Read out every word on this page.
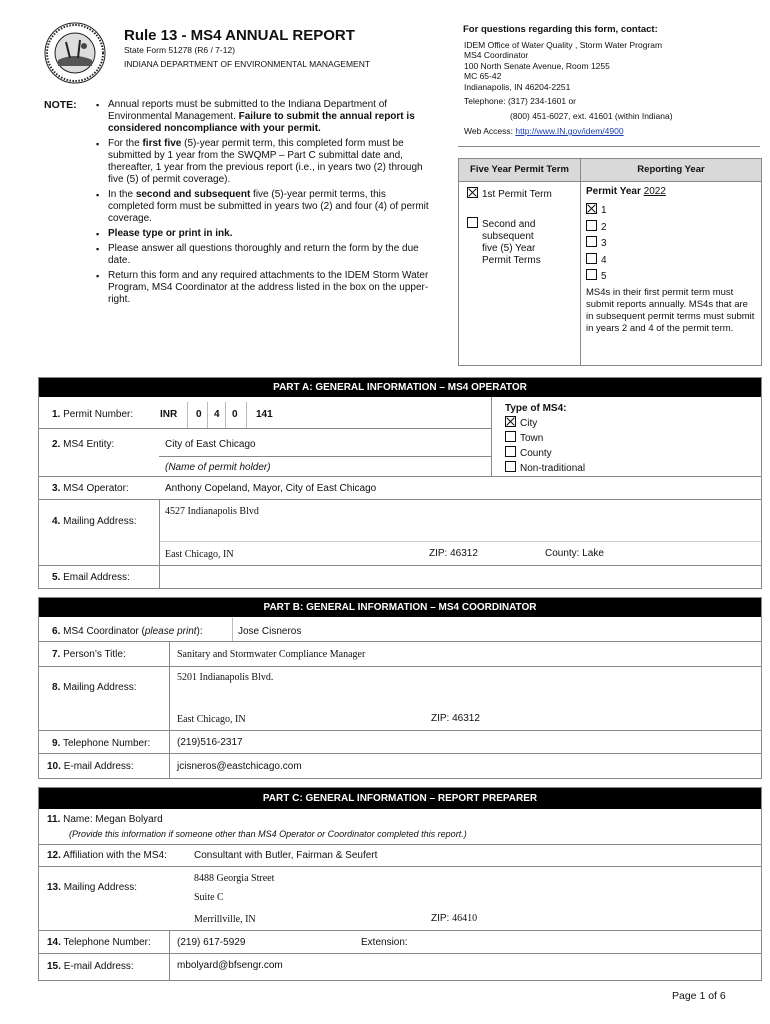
Rule 13 - MS4 ANNUAL REPORT
State Form 51278 (R6 / 7-12)
INDIANA DEPARTMENT OF ENVIRONMENTAL MANAGEMENT
For questions regarding this form, contact:
IDEM Office of Water Quality , Storm Water Program
MS4 Coordinator
100 North Senate Avenue, Room 1255
MC 65-42
Indianapolis, IN 46204-2251
Telephone: (317) 234-1601 or
(800) 451-6027, ext. 41601 (within Indiana)
Web Access: http://www.IN.gov/idem/4900
NOTE:
▪	Annual reports must be submitted to the Indiana Department of Environmental Management. Failure to submit the annual report is considered noncompliance with your permit.
▪ For the first five (5)-year permit term, this completed form must be submitted by 1 year from the SWQMP – Part C submittal date and, thereafter, 1 year from the previous report (i.e., in years two (2) through five (5) of permit coverage).
▪ In the second and subsequent five (5)-year permit terms, this completed form must be submitted in years two (2) and four (4) of permit coverage.
▪ Please type or print in ink.
▪ Please answer all questions thoroughly and return the form by the due date.
▪ Return this form and any required attachments to the IDEM Storm Water Program, MS4 Coordinator at the address listed in the box on the upper-right.
Five Year Permit Term	Reporting Year
1st Permit Term
Second and
subsequent
five (5) Year
Permit Terms
Permit Year 2022
1
2
3
4
5
MS4s in their first permit term must submit reports annually. MS4s that are in subsequent permit terms must submit in years 2 and 4 of the permit term.
PART A: GENERAL INFORMATION – MS4 OPERATOR
1. Permit Number:	INR 0 4 0 141
2. MS4 Entity:	City of East Chicago
(Name of permit holder)
Type of MS4:
City
Town
County
Non-traditional
3. MS4 Operator:	Anthony Copeland, Mayor, City of East Chicago
4. Mailing Address:
4527 Indianapolis Blvd
East Chicago, IN	ZIP: 46312	County: Lake
5. Email Address:
PART B: GENERAL INFORMATION – MS4 COORDINATOR
6. MS4 Coordinator (please print):	Jose Cisneros
7. Person’s Title:	Sanitary and Stormwater Compliance Manager
8. Mailing Address:
5201 Indianapolis Blvd.
East Chicago, IN	ZIP: 46312
9. Telephone Number:	(219)516-2317
10. E-mail Address:	jcisneros@eastchicago.com
PART C: GENERAL INFORMATION – REPORT PREPARER
11. Name: Megan Bolyard
(Provide this information if someone other than MS4 Operator or Coordinator completed this report.)
12. Affiliation with the MS4:	Consultant with Butler, Fairman & Seufert
13. Mailing Address:
8488 Georgia Street
Suite C
Merrillville, IN	ZIP: 46410
14. Telephone Number:	(219) 617-5929	Extension:
15. E-mail Address:	mbolyard@bfsengr.com
Page 1 of 6
